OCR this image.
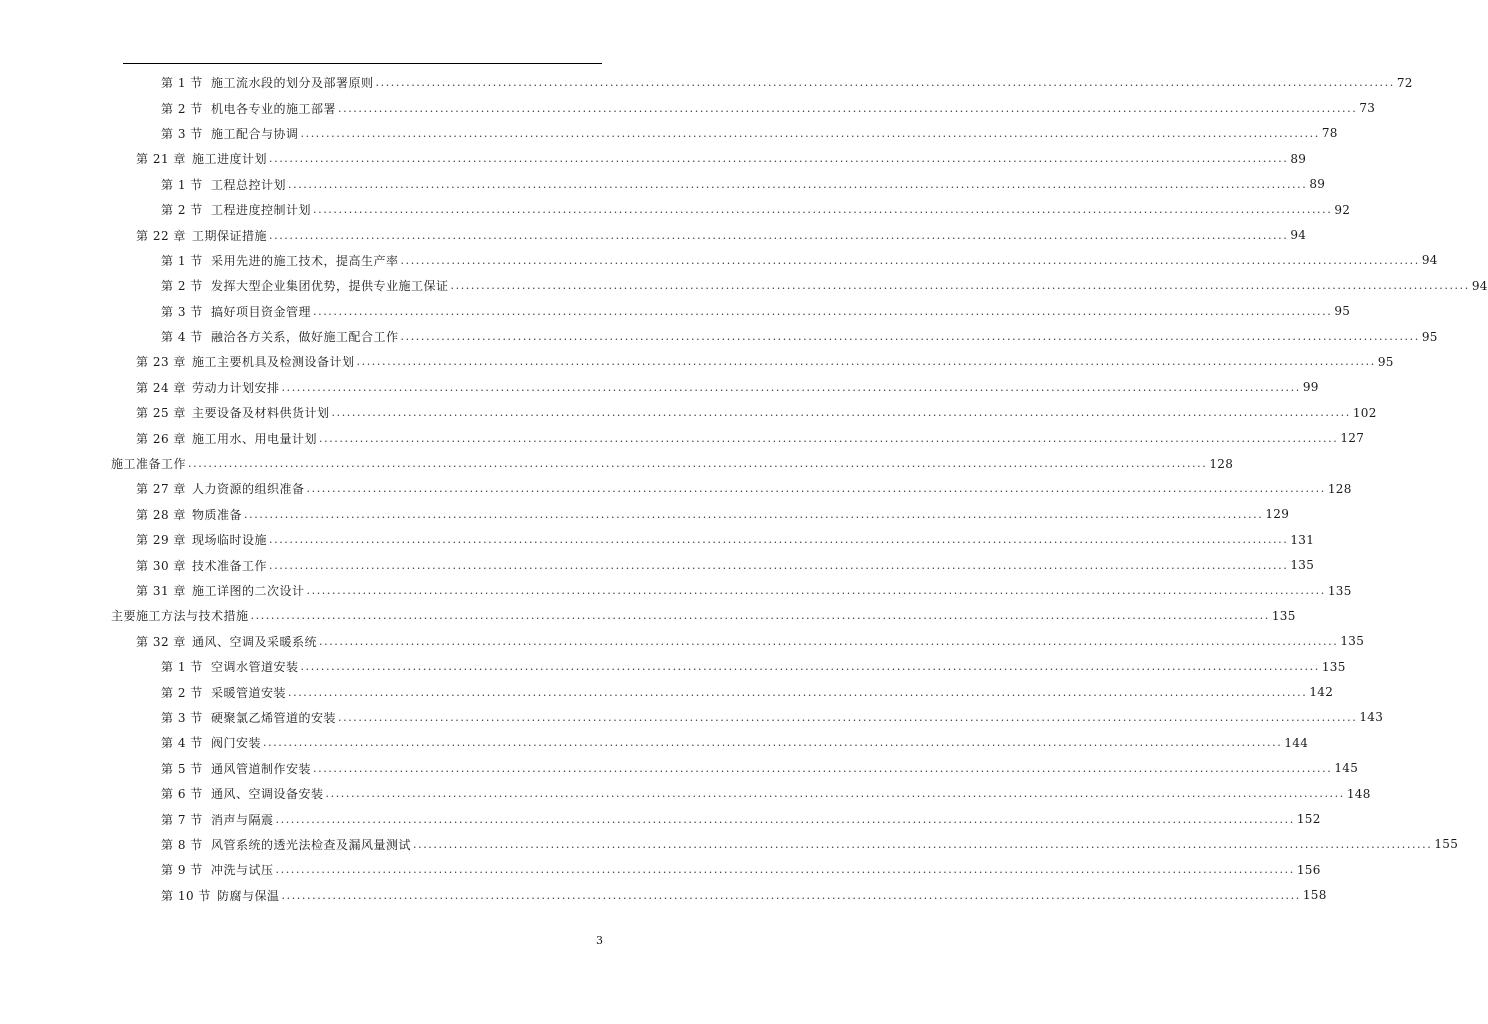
第 1 节 施工流水段的划分及部署原则 ........................................................................................................................................................................................................ 72
第 2 节 机电各专业的施工部署 ........................................................................................................................................................................................................ 73
第 3 节 施工配合与协调 ........................................................................................................................................................................................................ 78
第 21 章 施工进度计划 ........................................................................................................................................................................................................ 89
第 1 节 工程总控计划 ........................................................................................................................................................................................................ 89
第 2 节 工程进度控制计划 ........................................................................................................................................................................................................ 92
第 22 章 工期保证措施 ........................................................................................................................................................................................................ 94
第 1 节 采用先进的施工技术，提高生产率 ........................................................................................................................................................................................................ 94
第 2 节 发挥大型企业集团优势，提供专业施工保证 ........................................................................................................................................................................................................ 94
第 3 节 搞好项目资金管理 ........................................................................................................................................................................................................ 95
第 4 节 融洽各方关系，做好施工配合工作 ........................................................................................................................................................................................................ 95
第 23 章 施工主要机具及检测设备计划 ........................................................................................................................................................................................................ 95
第 24 章 劳动力计划安排 ........................................................................................................................................................................................................ 99
第 25 章 主要设备及材料供货计划 ........................................................................................................................................................................................................ 102
第 26 章 施工用水、用电量计划 ........................................................................................................................................................................................................ 127
施工准备工作 ........................................................................................................................................................................................................ 128
第 27 章 人力资源的组织准备 ........................................................................................................................................................................................................ 128
第 28 章 物质准备 ........................................................................................................................................................................................................ 129
第 29 章 现场临时设施 ........................................................................................................................................................................................................ 131
第 30 章 技术准备工作 ........................................................................................................................................................................................................ 135
第 31 章 施工详图的二次设计 ........................................................................................................................................................................................................ 135
主要施工方法与技术措施 ........................................................................................................................................................................................................ 135
第 32 章 通风、空调及采暖系统 ........................................................................................................................................................................................................ 135
第 1 节 空调水管道安装 ........................................................................................................................................................................................................ 135
第 2 节 采暖管道安装 ........................................................................................................................................................................................................ 142
第 3 节 硬聚氯乙烯管道的安装 ........................................................................................................................................................................................................ 143
第 4 节 阀门安装 ........................................................................................................................................................................................................ 144
第 5 节 通风管道制作安装 ........................................................................................................................................................................................................ 145
第 6 节 通风、空调设备安装 ........................................................................................................................................................................................................ 148
第 7 节 消声与隔震 ........................................................................................................................................................................................................ 152
第 8 节 风管系统的透光法检查及漏风量测试 ........................................................................................................................................................................................................ 155
第 9 节 冲洗与试压 ........................................................................................................................................................................................................ 156
第 10 节 防腐与保温 ........................................................................................................................................................................................................ 158
3
